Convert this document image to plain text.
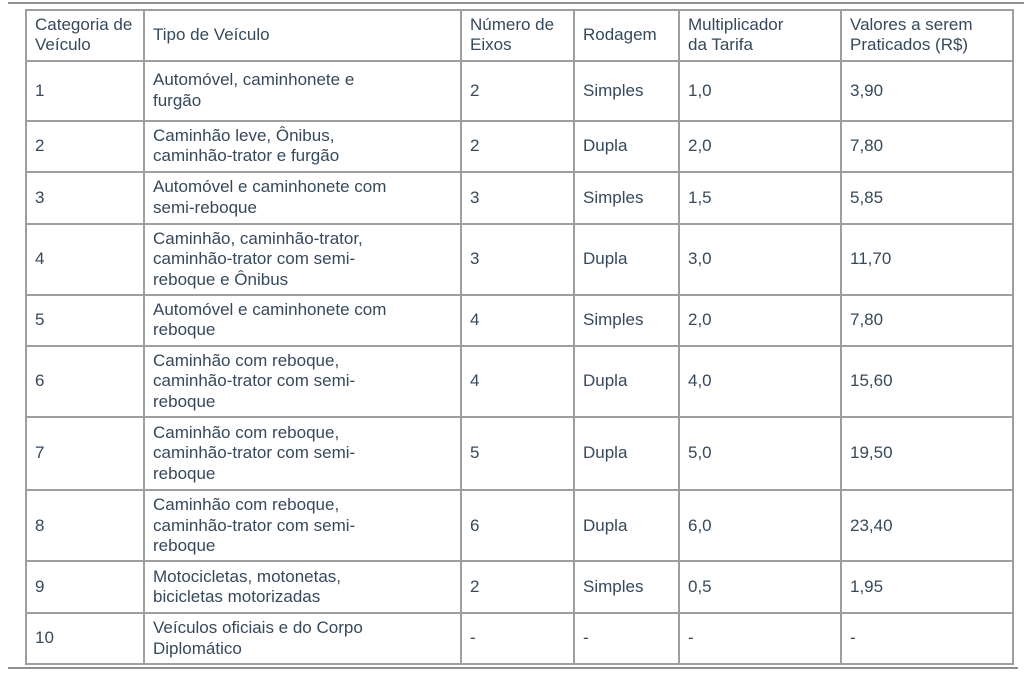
Categoria de Veículo	Tipo de Veículo	Número de Eixos	Rodagem	Multiplicador da Tarifa	Valores a serem Praticados (R$)
1	Automóvel, caminhonete e furgão	2	Simples	1,0	3,90
2	Caminhão leve, Ônibus, caminhão-trator e furgão	2	Dupla	2,0	7,80
3	Automóvel e caminhonete com semi-reboque	3	Simples	1,5	5,85
4	Caminhão, caminhão-trator, caminhão-trator com semi-reboque e Ônibus	3	Dupla	3,0	11,70
5	Automóvel e caminhonete com reboque	4	Simples	2,0	7,80
6	Caminhão com reboque, caminhão-trator com semi-reboque	4	Dupla	4,0	15,60
7	Caminhão com reboque, caminhão-trator com semi-reboque	5	Dupla	5,0	19,50
8	Caminhão com reboque, caminhão-trator com semi-reboque	6	Dupla	6,0	23,40
9	Motocicletas, motonetas, bicicletas motorizadas	2	Simples	0,5	1,95
10	Veículos oficiais e do Corpo Diplomático	-	-	-	-
